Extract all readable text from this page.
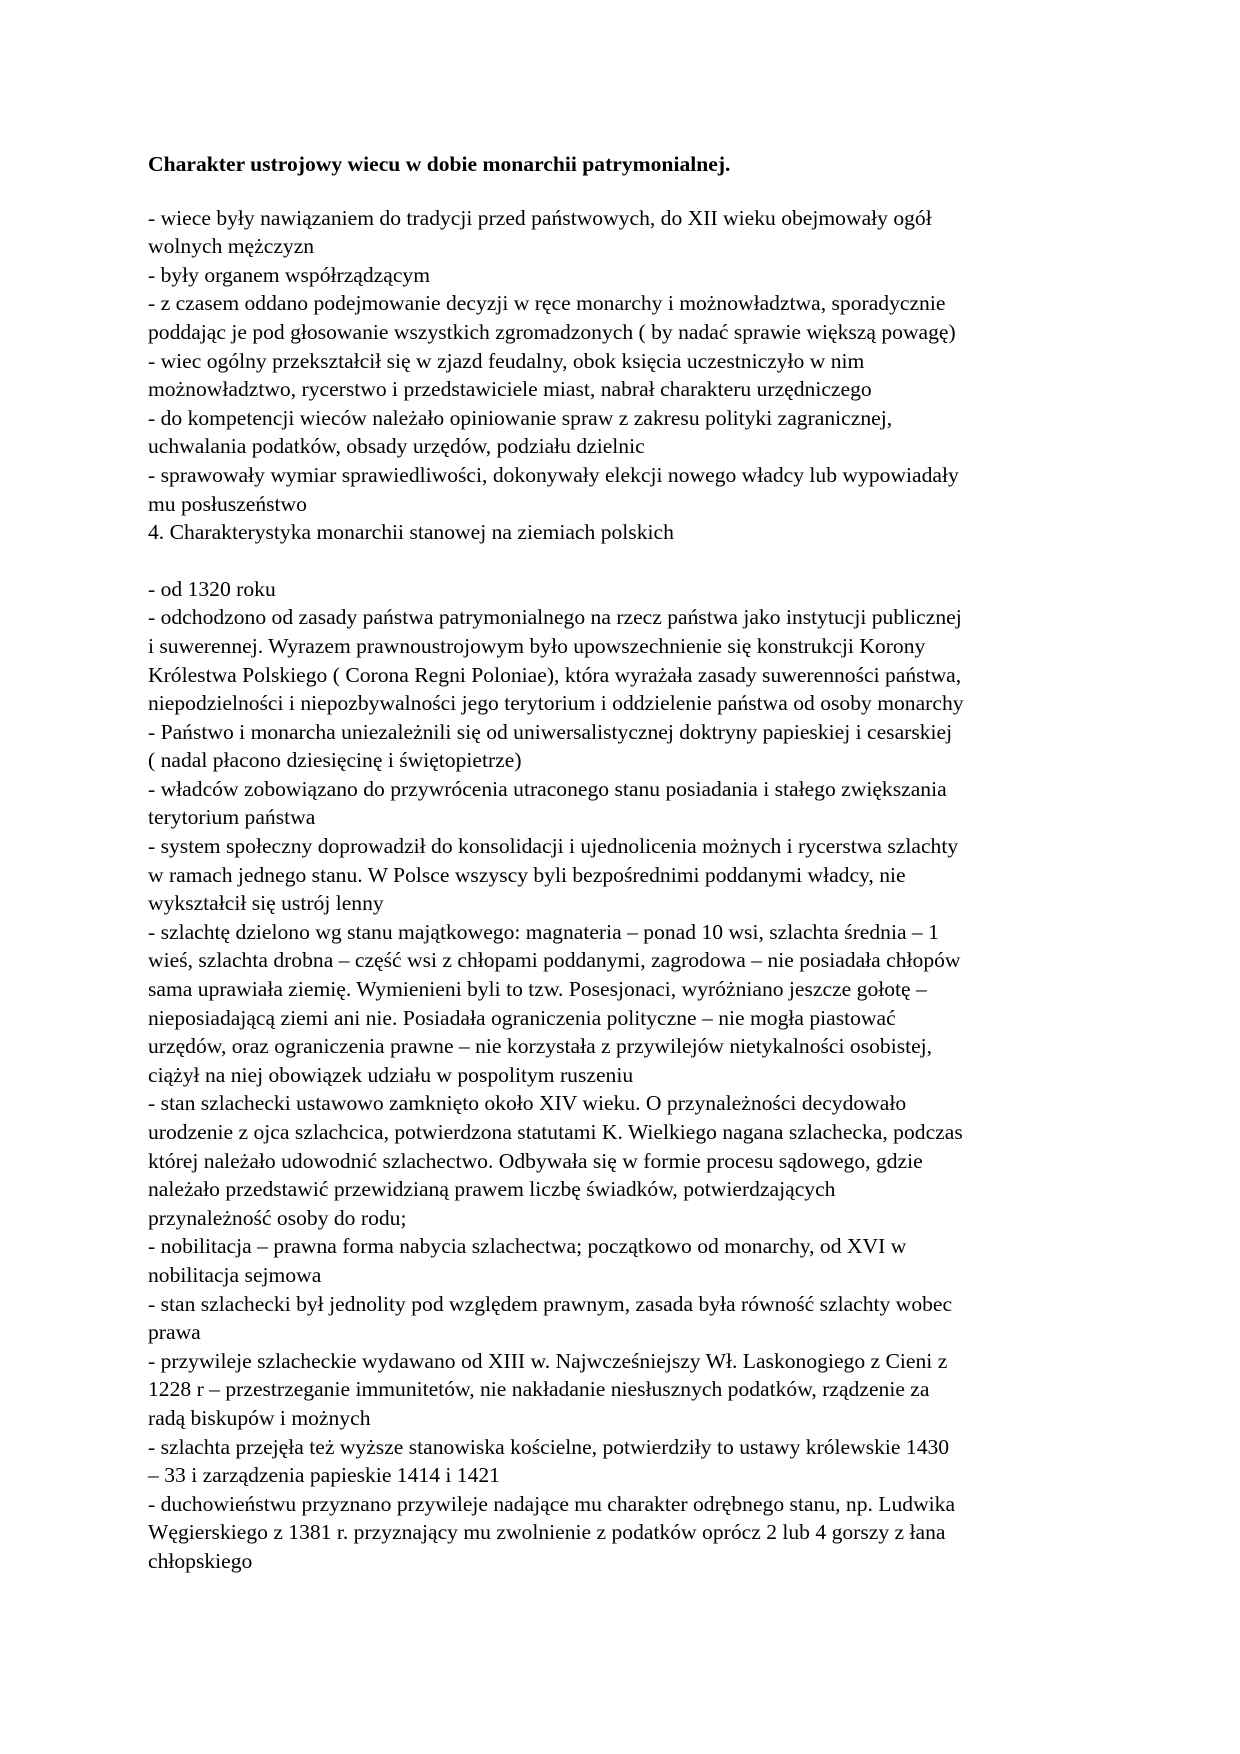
Charakter ustrojowy wiecu w dobie monarchii patrymonialnej.
- wiece były nawiązaniem do tradycji przed państwowych, do XII wieku obejmowały ogół
wolnych mężczyzn
- były organem współrządzącym
- z czasem oddano podejmowanie decyzji w ręce monarchy i możnowładztwa, sporadycznie
poddając je pod głosowanie wszystkich zgromadzonych ( by nadać sprawie większą powagę)
- wiec ogólny przekształcił się w zjazd feudalny, obok księcia uczestniczyło w nim
możnowładztwo, rycerstwo i przedstawiciele miast, nabrał charakteru urzędniczego
- do kompetencji wieców należało opiniowanie spraw z zakresu polityki zagranicznej,
uchwalania podatków, obsady urzędów, podziału dzielnic
- sprawowały wymiar sprawiedliwości, dokonywały elekcji nowego władcy lub wypowiadały
mu posłuszeństwo
4. Charakterystyka monarchii stanowej na ziemiach polskich
- od 1320 roku
- odchodzono od zasady państwa patrymonialnego na rzecz państwa jako instytucji publicznej
i suwerennej. Wyrazem prawnoustrojowym było upowszechnienie się konstrukcji Korony
Królestwa Polskiego ( Corona Regni Poloniae), która wyrażała zasady suwerenności państwa,
niepodzielności i niepozbywalności jego terytorium i oddzielenie państwa od osoby monarchy
- Państwo i monarcha uniezależnili się od uniwersalistycznej doktryny papieskiej i cesarskiej
( nadal płacono dziesięcinę i świętopietrze)
- władców zobowiązano do przywrócenia utraconego stanu posiadania i stałego zwiększania
terytorium państwa
- system społeczny doprowadził do konsolidacji i ujednolicenia możnych i rycerstwa szlachty
w ramach jednego stanu. W Polsce wszyscy byli bezpośrednimi poddanymi władcy, nie
wykształcił się ustrój lenny
- szlachtę dzielono wg stanu majątkowego: magnateria – ponad 10 wsi, szlachta średnia – 1
wieś, szlachta drobna – część wsi z chłopami poddanymi, zagrodowa – nie posiadała chłopów
sama uprawiała ziemię. Wymienieni byli to tzw. Posesjonaci, wyróżniano jeszcze gołotę –
nieposiadającą ziemi ani nie. Posiadała ograniczenia polityczne – nie mogła piastować
urzędów, oraz ograniczenia prawne – nie korzystała z przywilejów nietykalności osobistej,
ciążył na niej obowiązek udziału w pospolitym ruszeniu
- stan szlachecki ustawowo zamknięto około XIV wieku. O przynależności decydowało
urodzenie z ojca szlachcica, potwierdzona statutami K. Wielkiego nagana szlachecka, podczas
której należało udowodnić szlachectwo. Odbywała się w formie procesu sądowego, gdzie
należało przedstawić przewidzianą prawem liczbę świadków, potwierdzających
przynależność osoby do rodu;
- nobilitacja – prawna forma nabycia szlachectwa; początkowo od monarchy, od XVI w
nobilitacja sejmowa
- stan szlachecki był jednolity pod względem prawnym, zasada była równość szlachty wobec
prawa
- przywileje szlacheckie wydawano od XIII w. Najwcześniejszy Wł. Laskonogiego z Cieni z
1228 r – przestrzeganie immunitetów, nie nakładanie niesłusznych podatków, rządzenie za
radą biskupów i możnych
- szlachta przejęła też wyższe stanowiska kościelne, potwierdziły to ustawy królewskie 1430
– 33 i zarządzenia papieskie 1414 i 1421
- duchowieństwu przyznano przywileje nadające mu charakter odrębnego stanu, np. Ludwika
Węgierskiego z 1381 r. przyznający mu zwolnienie z podatków oprócz 2 lub 4 gorszy z łana
chłopskiego
